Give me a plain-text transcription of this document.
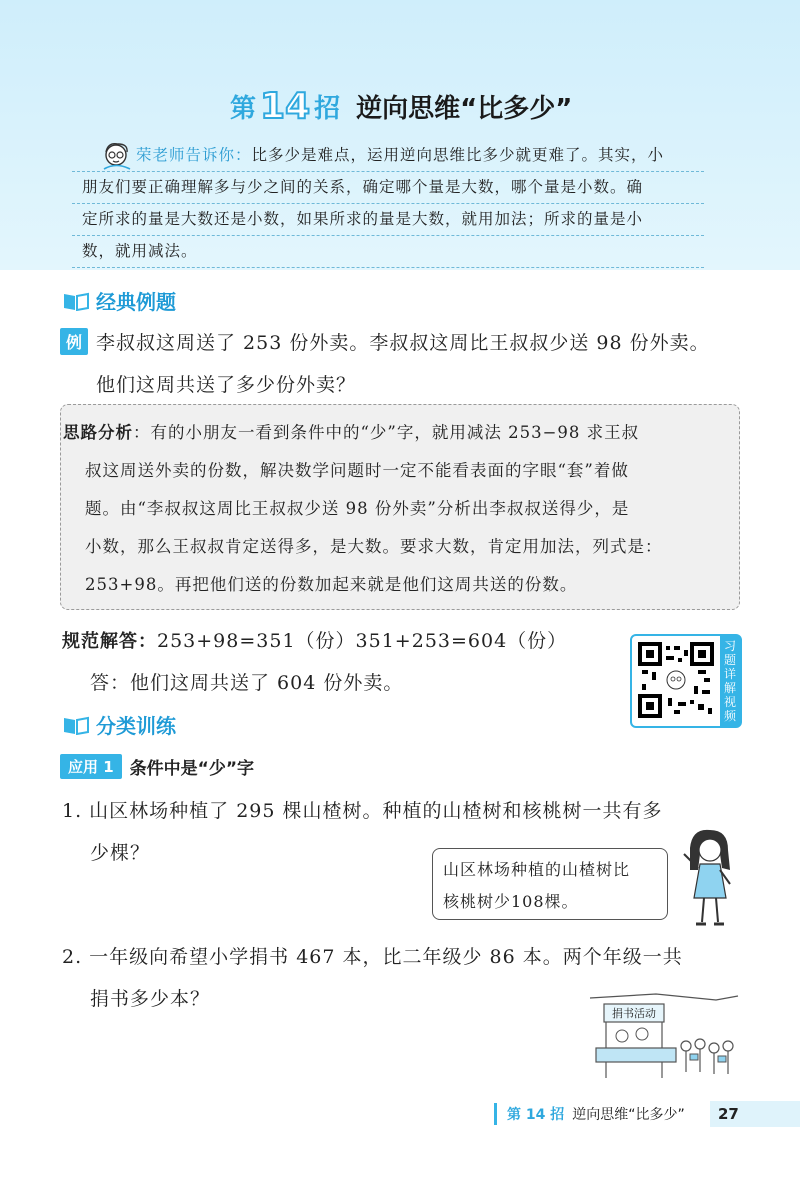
第 14 招 逆向思维“比多少”
荣老师告诉你：比多少是难点，运用逆向思维比多少就更难了。其实，小
朋友们要正确理解多与少之间的关系，确定哪个量是大数，哪个量是小数。确
定所求的量是大数还是小数，如果所求的量是大数，就用加法；所求的量是小
数，就用减法。
经典例题
例 李叔叔这周送了 253 份外卖。李叔叔这周比王叔叔少送 98 份外卖。
他们这周共送了多少份外卖？
思路分析：有的小朋友一看到条件中的“少”字，就用减法 253−98 求王叔
叔这周送外卖的份数，解决数学问题时一定不能看表面的字眼“套”着做
题。由“李叔叔这周比王叔叔少送 98 份外卖”分析出李叔叔送得少，是
小数，那么王叔叔肯定送得多，是大数。要求大数，肯定用加法，列式是：
253+98。再把他们送的份数加起来就是他们这周共送的份数。
规范解答：253+98=351（份）351+253=604（份）
答：他们这周共送了 604 份外卖。
习
题
详
解
视
频
分类训练
应用 1 条件中是“少”字
1. 山区林场种植了 295 棵山楂树。种植的山楂树和核桃树一共有多
少棵？
山区林场种植的山楂树比
核桃树少108棵。
2. 一年级向希望小学捐书 467 本，比二年级少 86 本。两个年级一共
捐书多少本？
捐书活动
第 14 招 逆向思维“比多少”	27
